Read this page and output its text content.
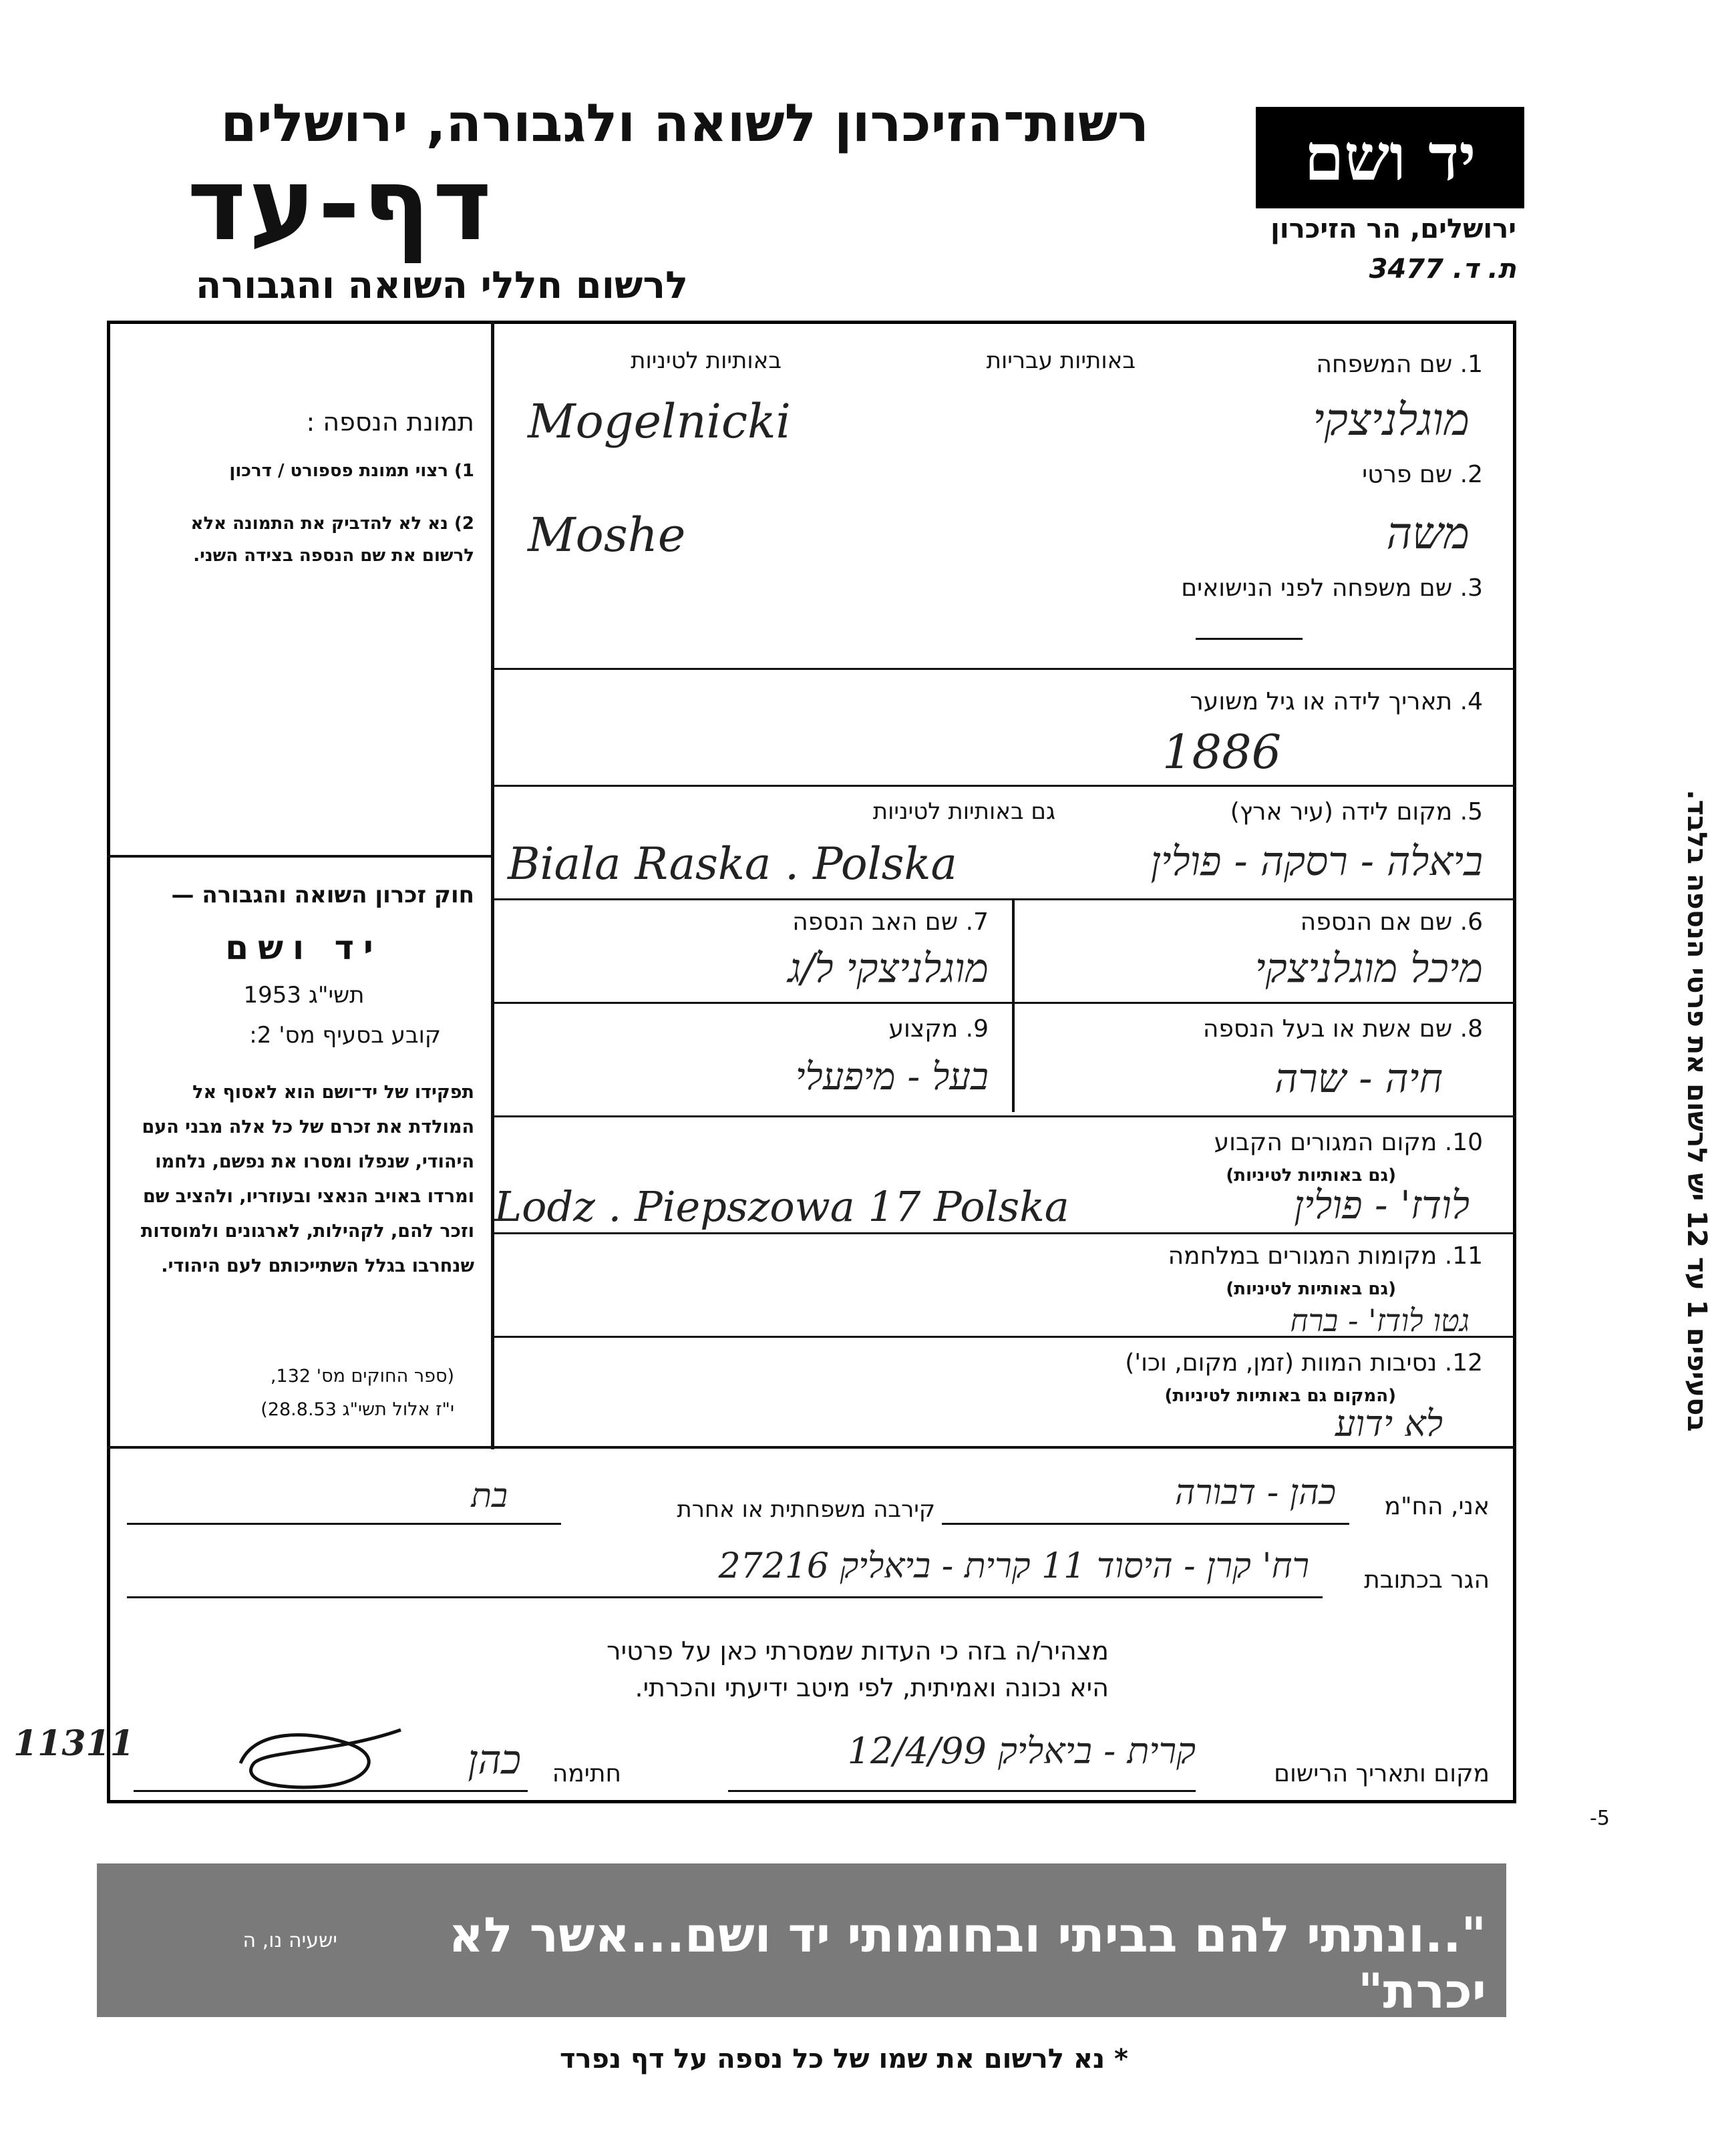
רשות־הזיכרון לשואה ולגבורה, ירושלים
דף-עד
לרשום חללי השואה והגבורה
יד ושם
ירושלים, הר הזיכרון
ת. ד. 3477
תמונת הנספה :
1) רצוי תמונת פספורט / דרכון
2) נא לא להדביק את התמונה אלא לרשום את שם הנספה בצידה השני.
חוק זכרון השואה והגבורה —
יד ושם
תשי"ג 1953
קובע בסעיף מס' 2:
תפקידו של יד־ושם הוא לאסוף אל המולדת את זכרם של כל אלה מבני העם היהודי, שנפלו ומסרו את נפשם, נלחמו ומרדו באויב הנאצי ובעוזריו, ולהציב שם וזכר להם, לקהילות, לארגונים ולמוסדות שנחרבו בגלל השתייכותם לעם היהודי.
(ספר החוקים מס' 132,
י"ז אלול תשי"ג 28.8.53)
1. שם המשפחה
באותיות עבריות
באותיות לטיניות
Mogelnicki	מוגלניצקי
2. שם פרטי
Moshe	משה
3. שם משפחה לפני הנישואים
4. תאריך לידה או גיל משוער
1886
5. מקום לידה (עיר ארץ)
גם באותיות לטיניות
Biala Raska . Polska	ביאלה - רסקה - פולין
6. שם אם הנספה
מיכל מוגלניצקי
7. שם האב הנספה
מוגלניצקי ל/ג
8. שם אשת או בעל הנספה
חיה - שרה
9. מקצוע
בעל - מיפעלי
10. מקום המגורים הקבוע
(גם באותיות לטיניות)
Lodz . Piepszowa 17 Polska	לודז' - פולין
11. מקומות המגורים במלחמה
(גם באותיות לטיניות)
גטו לודז' - ברח
12. נסיבות המוות (זמן, מקום, וכו')
(המקום גם באותיות לטיניות)
לא ידוע
אני, הח"מ
כהן - דבורה
קירבה משפחתית או אחרת
בת
הגר בכתובת
רח' קרן - היסוד 11 קרית - ביאליק 27216
מצהיר/ה בזה כי העדות שמסרתי כאן על פרטיר
היא נכונה ואמיתית, לפי מיטב ידיעתי והכרתי.
מקום ותאריך הרישום
קרית - ביאליק 12/4/99
חתימה
כהן
בסעיפים 1 עד 12 יש לרשום את פרטי הנספה בלבד.
11311
-5
"..ונתתי להם בביתי ובחומותי יד ושם...אשר לא יכרת"
ישעיה נו, ה
* נא לרשום את שמו של כל נספה על דף נפרד
